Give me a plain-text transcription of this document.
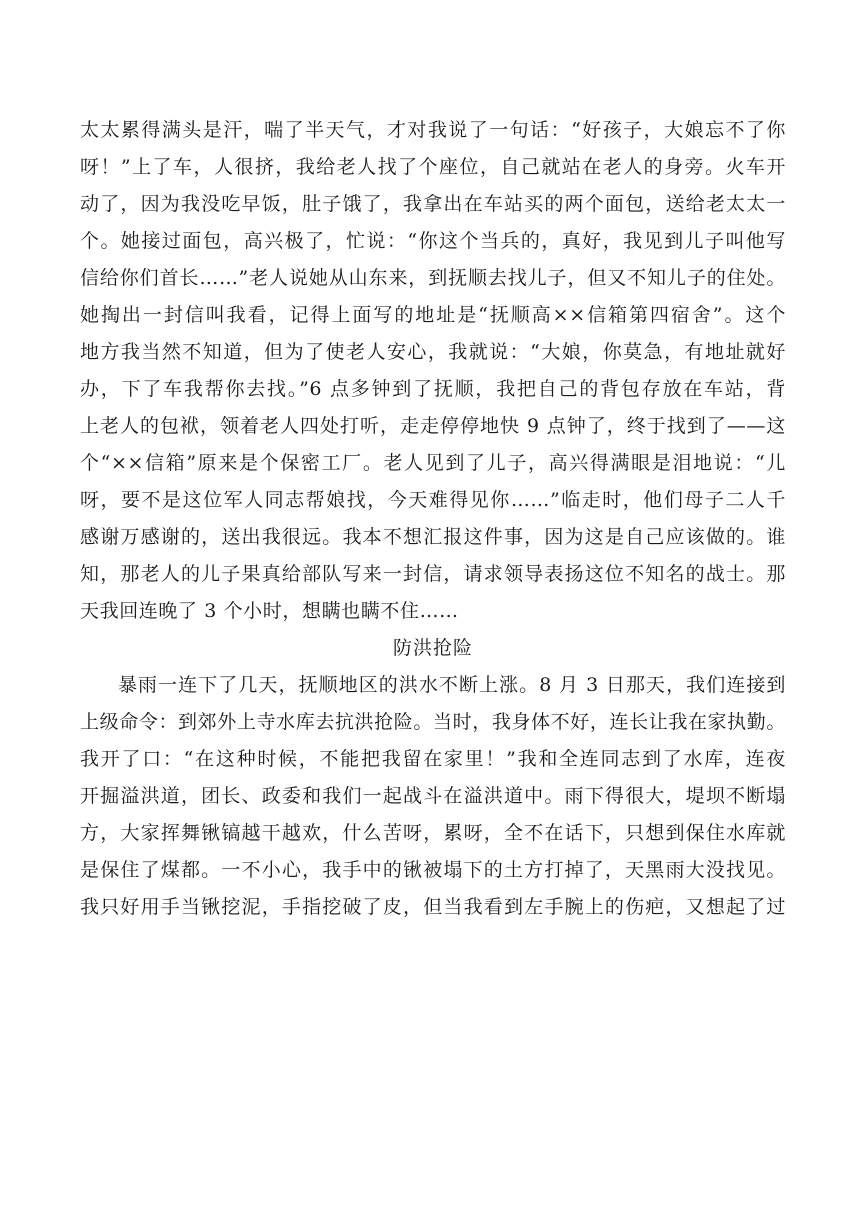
太太累得满头是汗，喘了半天气，才对我说了一句话：“好孩子，大娘忘不了你
呀！”上了车，人很挤，我给老人找了个座位，自己就站在老人的身旁。火车开
动了，因为我没吃早饭，肚子饿了，我拿出在车站买的两个面包，送给老太太一
个。她接过面包，高兴极了，忙说：“你这个当兵的，真好，我见到儿子叫他写
信给你们首长……”老人说她从山东来，到抚顺去找儿子，但又不知儿子的住处。
她掏出一封信叫我看，记得上面写的地址是“抚顺高××信箱第四宿舍”。这个
地方我当然不知道，但为了使老人安心，我就说：“大娘，你莫急，有地址就好
办，下了车我帮你去找。”6 点多钟到了抚顺，我把自己的背包存放在车站，背
上老人的包袱，领着老人四处打听，走走停停地快 9 点钟了，终于找到了——这
个“××信箱”原来是个保密工厂。老人见到了儿子，高兴得满眼是泪地说：“儿
呀，要不是这位军人同志帮娘找，今天难得见你……”临走时，他们母子二人千
感谢万感谢的，送出我很远。我本不想汇报这件事，因为这是自己应该做的。谁
知，那老人的儿子果真给部队写来一封信，请求领导表扬这位不知名的战士。那
天我回连晚了 3 个小时，想瞒也瞒不住……
防洪抢险
暴雨一连下了几天，抚顺地区的洪水不断上涨。8 月 3 日那天，我们连接到
上级命令：到郊外上寺水库去抗洪抢险。当时，我身体不好，连长让我在家执勤。
我开了口：“在这种时候，不能把我留在家里！”我和全连同志到了水库，连夜
开掘溢洪道，团长、政委和我们一起战斗在溢洪道中。雨下得很大，堤坝不断塌
方，大家挥舞锹镐越干越欢，什么苦呀，累呀，全不在话下，只想到保住水库就
是保住了煤都。一不小心，我手中的锹被塌下的土方打掉了，天黑雨大没找见。
我只好用手当锹挖泥，手指挖破了皮，但当我看到左手腕上的伤疤，又想起了过
